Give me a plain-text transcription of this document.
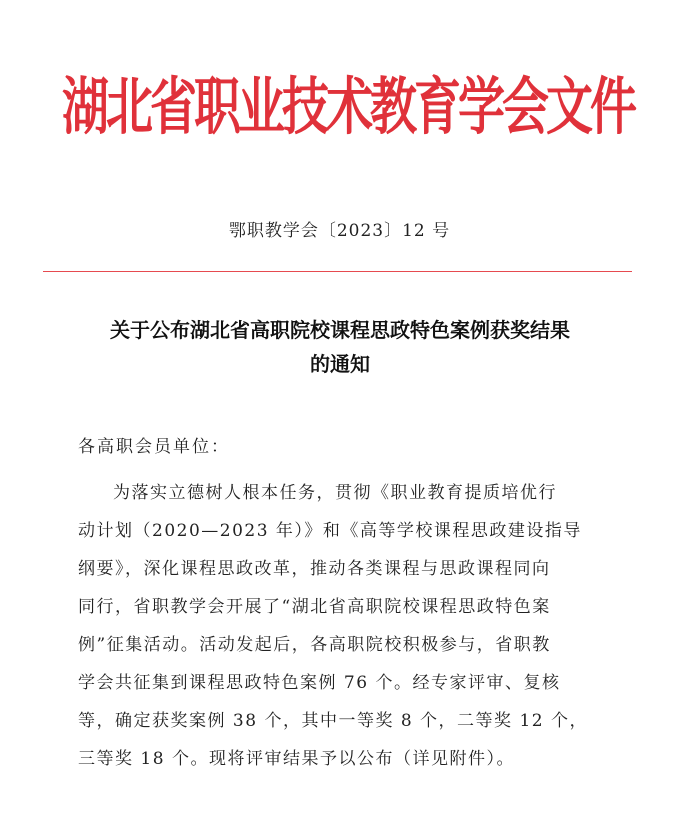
湖北省职业技术教育学会文件
鄂职教学会〔2023〕12 号
关于公布湖北省高职院校课程思政特色案例获奖结果
的通知
各高职会员单位：
为落实立德树人根本任务，贯彻《职业教育提质培优行
动计划（2020—2023 年）》和《高等学校课程思政建设指导
纲要》，深化课程思政改革，推动各类课程与思政课程同向
同行，省职教学会开展了“湖北省高职院校课程思政特色案
例”征集活动。活动发起后，各高职院校积极参与，省职教
学会共征集到课程思政特色案例 76 个。经专家评审、复核
等，确定获奖案例 38 个，其中一等奖 8 个，二等奖 12 个，
三等奖 18 个。现将评审结果予以公布（详见附件）。
